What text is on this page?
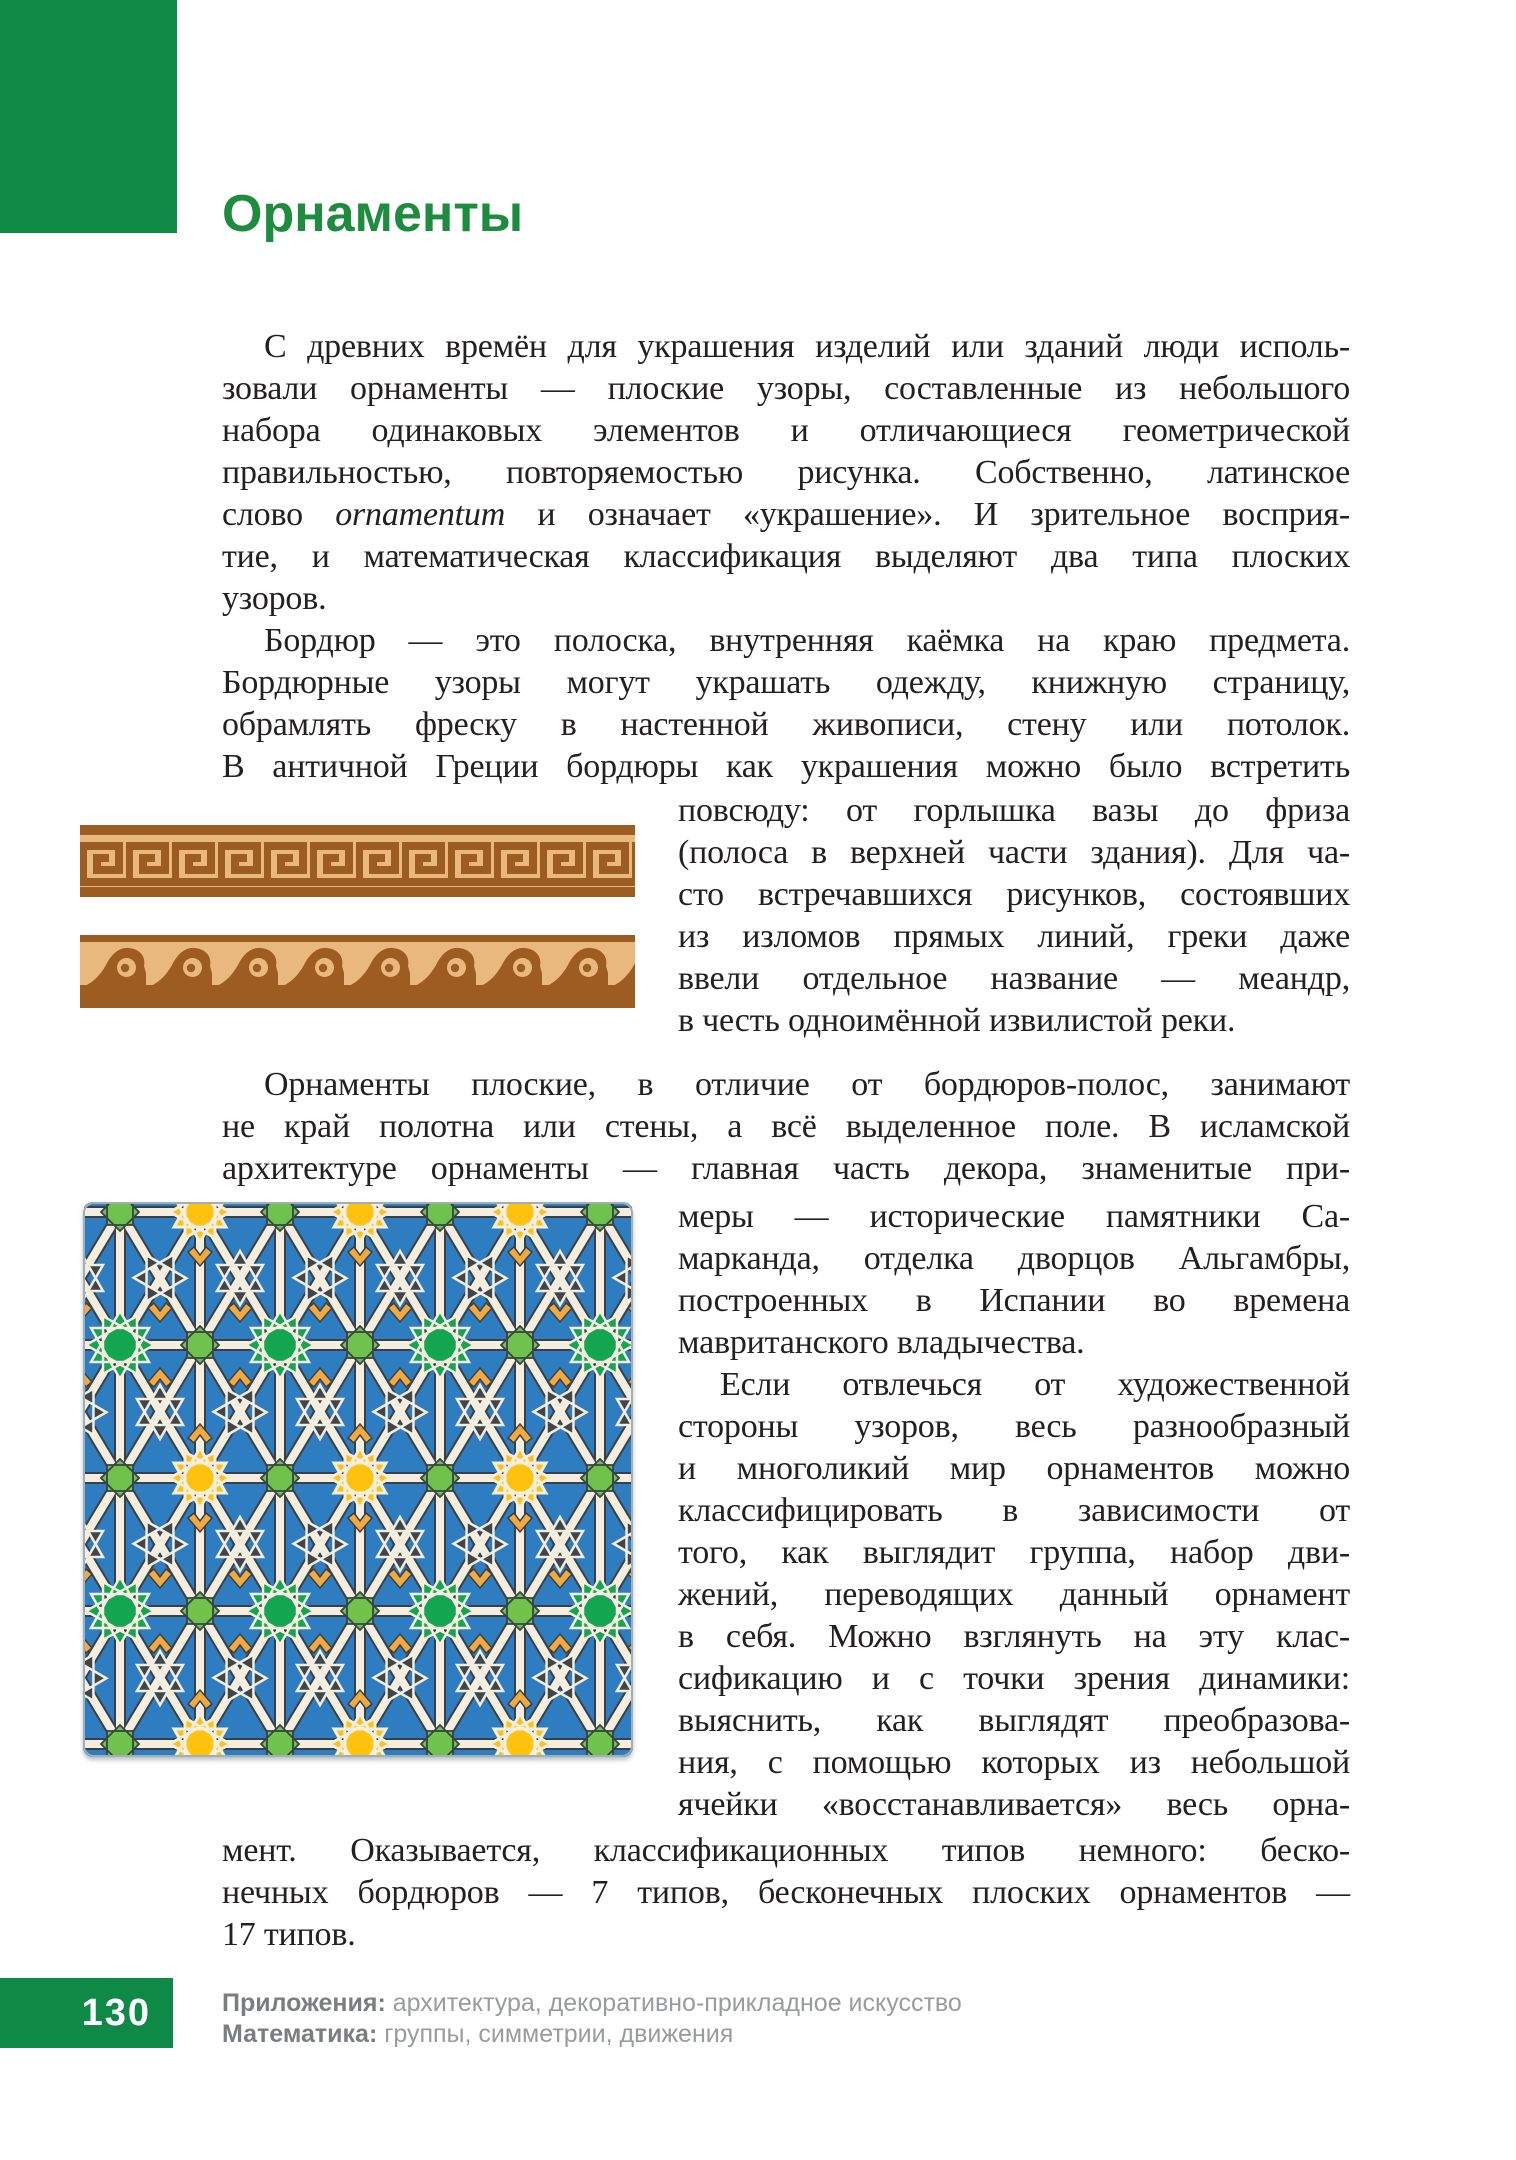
Орнаменты
С древних времён для украшения изделий или зданий люди исполь-
зовали орнаменты — плоские узоры, составленные из небольшого
набора одинаковых элементов и отличающиеся геометрической
правильностью, повторяемостью рисунка. Собственно, латинское
слово ornamentum и означает «украшение». И зрительное восприя-
тие, и математическая классификация выделяют два типа плоских
узоров.
Бордюр — это полоска, внутренняя каёмка на краю предмета.
Бордюрные узоры могут украшать одежду, книжную страницу,
обрамлять фреску в настенной живописи, стену или потолок.
В античной Греции бордюры как украшения можно было встретить
повсюду: от горлышка вазы до фриза
(полоса в верхней части здания). Для ча-
сто встречавшихся рисунков, состоявших
из изломов прямых линий, греки даже
ввели отдельное название — меандр,
в честь одноимённой извилистой реки.
Орнаменты плоские, в отличие от бордюров-полос, занимают
не край полотна или стены, а всё выделенное поле. В исламской
архитектуре орнаменты — главная часть декора, знаменитые при-
меры — исторические памятники Са-
марканда, отделка дворцов Альгамбры,
построенных в Испании во времена
мавританского владычества.
Если отвлечься от художественной
стороны узоров, весь разнообразный
и многоликий мир орнаментов можно
классифицировать в зависимости от
того, как выглядит группа, набор дви-
жений, переводящих данный орнамент
в себя. Можно взглянуть на эту клас-
сификацию и с точки зрения динамики:
выяснить, как выглядят преобразова-
ния, с помощью которых из небольшой
ячейки «восстанавливается» весь орна-
мент. Оказывается, классификационных типов немного: беско-
нечных бордюров — 7 типов, бесконечных плоских орнаментов —
17 типов.
130	Приложения: архитектура, декоративно-прикладное искусство
Математика: группы, симметрии, движения
